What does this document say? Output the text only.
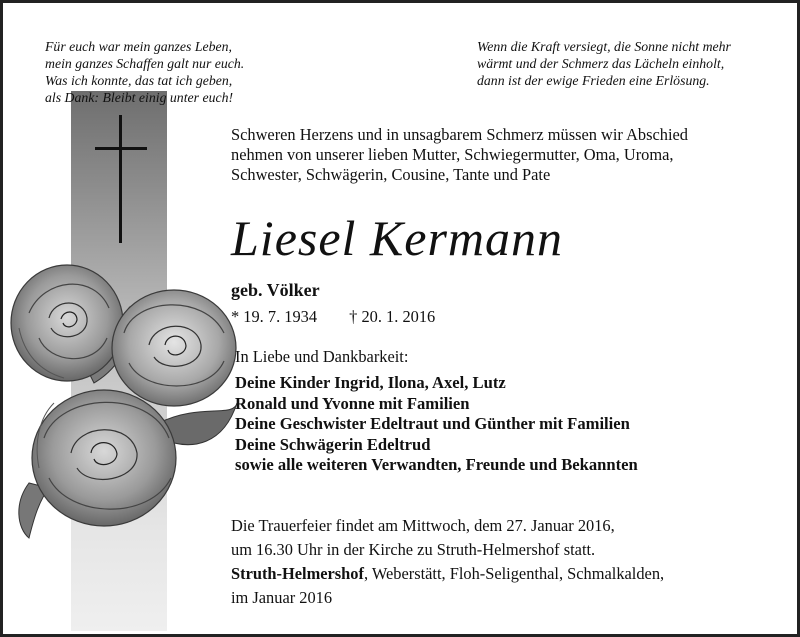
Für euch war mein ganzes Leben,
mein ganzes Schaffen galt nur euch.
Was ich konnte, das tat ich geben,
als Dank: Bleibt einig unter euch!
Wenn die Kraft versiegt, die Sonne nicht mehr
wärmt und der Schmerz das Lächeln einholt,
dann ist der ewige Frieden eine Erlösung.
Schweren Herzens und in unsagbarem Schmerz müssen wir Abschied
nehmen von unserer lieben Mutter, Schwiegermutter, Oma, Uroma,
Schwester, Schwägerin, Cousine, Tante und Pate
Liesel Kermann
geb. Völker
* 19. 7. 1934 † 20. 1. 2016
In Liebe und Dankbarkeit:
Deine Kinder Ingrid, Ilona, Axel, Lutz
Ronald und Yvonne mit Familien
Deine Geschwister Edeltraut und Günther mit Familien
Deine Schwägerin Edeltrud
sowie alle weiteren Verwandten, Freunde und Bekannten
Die Trauerfeier findet am Mittwoch, dem 27. Januar 2016,
um 16.30 Uhr in der Kirche zu Struth-Helmershof statt.
Struth-Helmershof, Weberstätt, Floh-Seligenthal, Schmalkalden,
im Januar 2016
